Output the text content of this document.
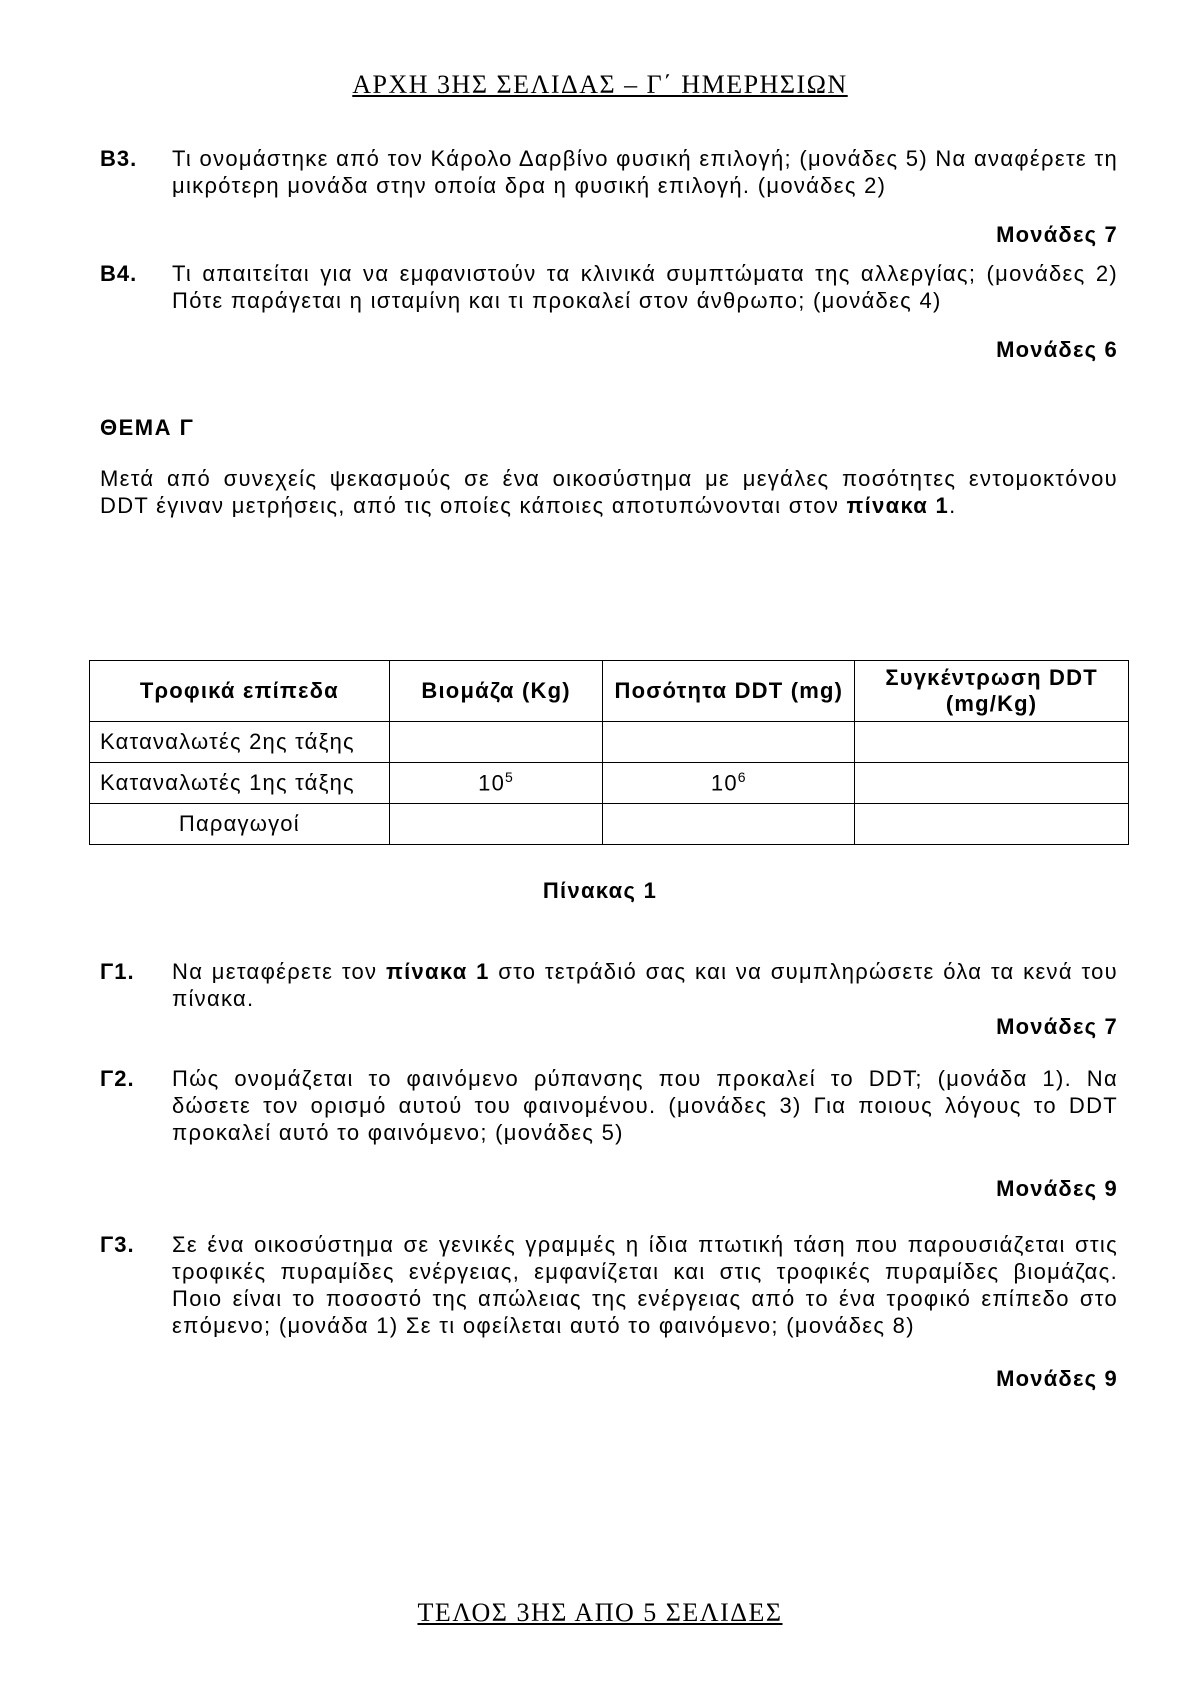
ΑΡΧΗ 3ΗΣ ΣΕΛΙΔΑΣ – Γ΄ ΗΜΕΡΗΣΙΩΝ
Β3. Τι ονομάστηκε από τον Κάρολο Δαρβίνο φυσική επιλογή; (μονάδες 5) Να αναφέρετε τη μικρότερη μονάδα στην οποία δρα η φυσική επιλογή. (μονάδες 2)
Μονάδες 7
Β4. Τι απαιτείται για να εμφανιστούν τα κλινικά συμπτώματα της αλλεργίας; (μονάδες 2) Πότε παράγεται η ισταμίνη και τι προκαλεί στον άνθρωπο; (μονάδες 4)
Μονάδες 6
ΘΕΜΑ Γ
Μετά από συνεχείς ψεκασμούς σε ένα οικοσύστημα με μεγάλες ποσότητες εντομοκτόνου DDT έγιναν μετρήσεις, από τις οποίες κάποιες αποτυπώνονται στον πίνακα 1.
Τροφικά επίπεδα	Βιομάζα (Kg)	Ποσότητα DDT (mg)	Συγκέντρωση DDT (mg/Kg)
Καταναλωτές 2ης τάξης			
Καταναλωτές 1ης τάξης	$10^5$	$10^6$	
Παραγωγοί			
Πίνακας 1
Γ1. Να μεταφέρετε τον πίνακα 1 στο τετράδιό σας και να συμπληρώσετε όλα τα κενά του πίνακα.
Μονάδες 7
Γ2. Πώς ονομάζεται το φαινόμενο ρύπανσης που προκαλεί το DDT; (μονάδα 1). Να δώσετε τον ορισμό αυτού του φαινομένου. (μονάδες 3) Για ποιους λόγους το DDT προκαλεί αυτό το φαινόμενο; (μονάδες 5)
Μονάδες 9
Γ3. Σε ένα οικοσύστημα σε γενικές γραμμές η ίδια πτωτική τάση που παρουσιάζεται στις τροφικές πυραμίδες ενέργειας, εμφανίζεται και στις τροφικές πυραμίδες βιομάζας. Ποιο είναι το ποσοστό της απώλειας της ενέργειας από το ένα τροφικό επίπεδο στο επόμενο; (μονάδα 1) Σε τι οφείλεται αυτό το φαινόμενο; (μονάδες 8)
Μονάδες 9
ΤΕΛΟΣ 3ΗΣ ΑΠΟ 5 ΣΕΛΙΔΕΣ
